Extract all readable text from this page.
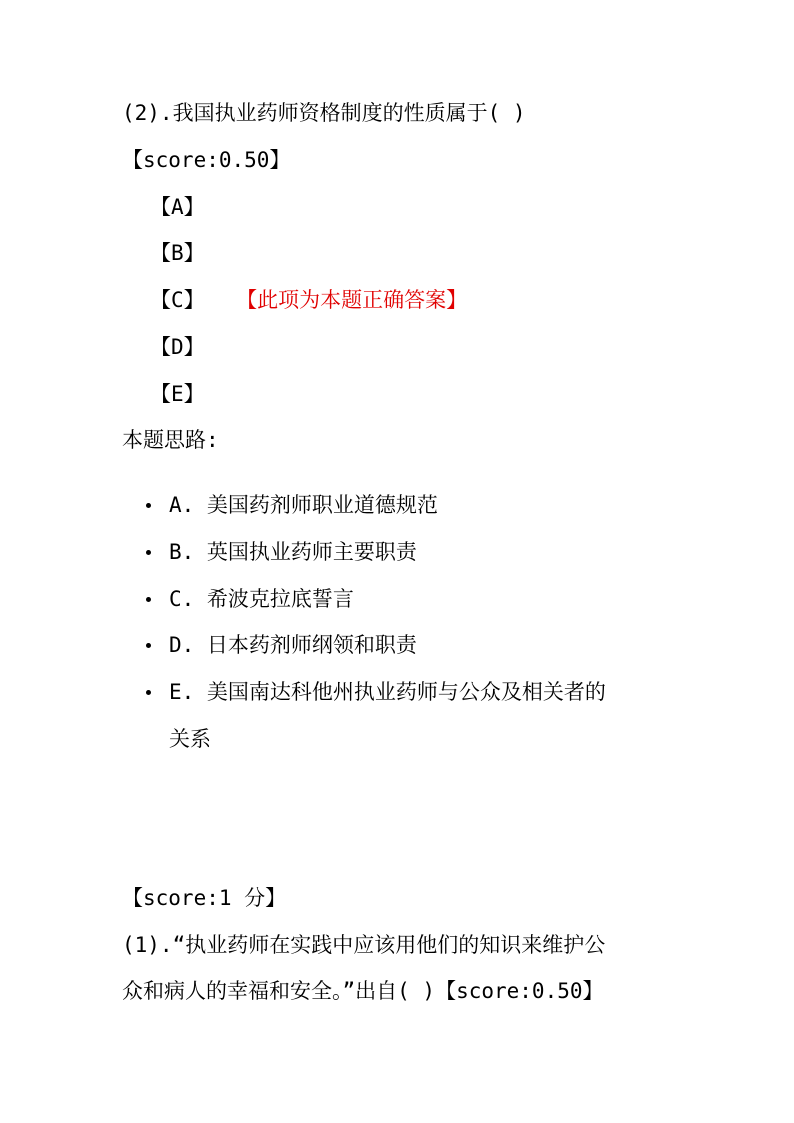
(2).我国执业药师资格制度的性质属于( )
【score:0.50】
【A】
【B】
【C】 【此项为本题正确答案】
【D】
【E】
本题思路:
A. 美国药剂师职业道德规范
B. 英国执业药师主要职责
C. 希波克拉底誓言
D. 日本药剂师纲领和职责
E. 美国南达科他州执业药师与公众及相关者的
关系
【score:1 分】
(1).“执业药师在实践中应该用他们的知识来维护公
众和病人的幸福和安全。”出自( )【score:0.50】
